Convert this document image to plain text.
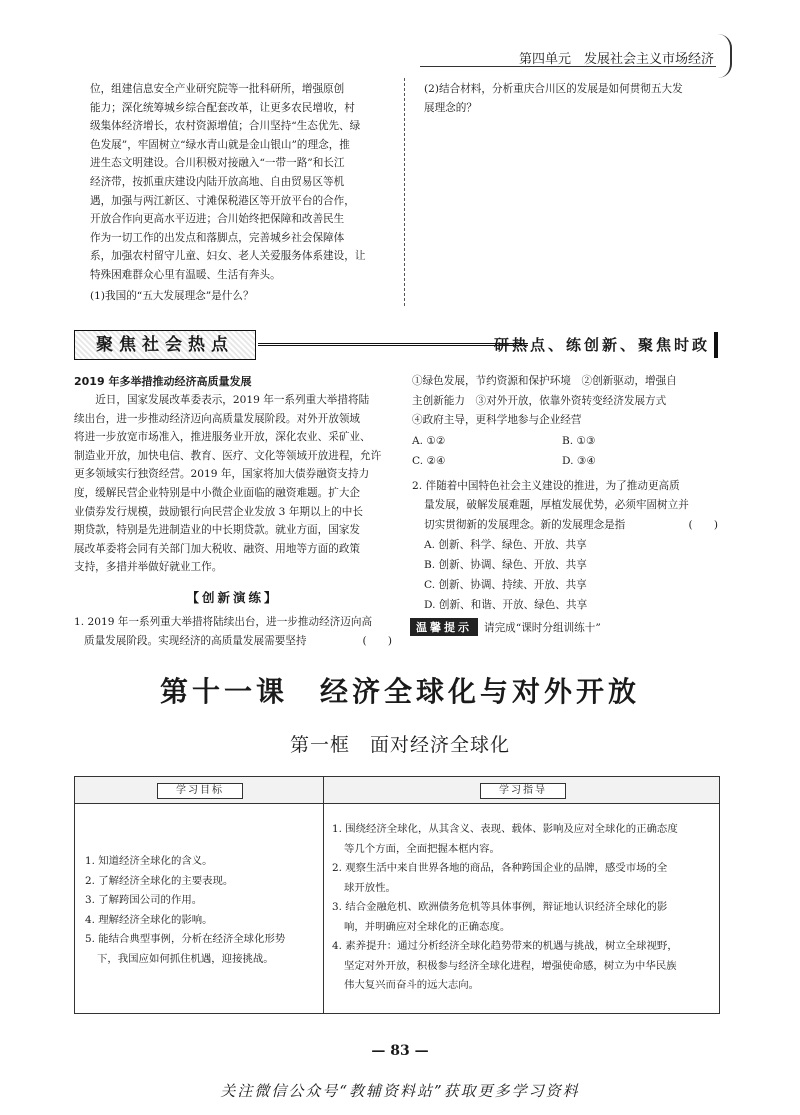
第四单元　发展社会主义市场经济

位，组建信息安全产业研究院等一批科研所，增强原创

能力；深化统筹城乡综合配套改革，让更多农民增收，村

级集体经济增长，农村资源增值；合川坚持“生态优先、绿

色发展”，牢固树立“绿水青山就是金山银山”的理念，推

进生态文明建设。合川积极对接融入“一带一路”和长江

经济带，按抓重庆建设内陆开放高地、自由贸易区等机

遇，加强与两江新区、寸滩保税港区等开放平台的合作，

开放合作向更高水平迈进；合川始终把保障和改善民生

作为一切工作的出发点和落脚点，完善城乡社会保障体

系，加强农村留守儿童、妇女、老人关爱服务体系建设，让

特殊困难群众心里有温暖、生活有奔头。

(1)我国的“五大发展理念”是什么？

(2)结合材料，分析重庆合川区的发展是如何贯彻五大发

展理念的？

聚焦社会热点	研热点、练创新、聚焦时政
2019 年多举措推动经济高质量发展

近日，国家发展改革委表示，2019 年一系列重大举措将陆

续出台，进一步推动经济迈向高质量发展阶段。对外开放领域

将进一步放宽市场准入，推进服务业开放，深化农业、采矿业、

制造业开放，加快电信、教育、医疗、文化等领域开放进程，允许

更多领域实行独资经营。2019 年，国家将加大债券融资支持力

度，缓解民营企业特别是中小微企业面临的融资难题。扩大企

业债券发行规模，鼓励银行向民营企业发放 3 年期以上的中长

期贷款，特别是先进制造业的中长期贷款。就业方面，国家发

展改革委将会同有关部门加大税收、融资、用地等方面的政策

支持，多措并举做好就业工作。

【创新演练】

1. 2019 年一系列重大举措将陆续出台，进一步推动经济迈向高

质量发展阶段。实现经济的高质量发展需要坚持	(　　)

①绿色发展，节约资源和保护环境　②创新驱动，增强自

主创新能力　③对外开放，依靠外资转变经济发展方式

④政府主导，更科学地参与企业经营

A. ①②	B. ①③
C. ②④	D. ③④

2. 伴随着中国特色社会主义建设的推进，为了推动更高质

量发展，破解发展难题，厚植发展优势，必须牢固树立并

切实贯彻新的发展理念。新的发展理念是指	(　　)

A. 创新、科学、绿色、开放、共享
B. 创新、协调、绿色、开放、共享
C. 创新、协调、持续、开放、共享
D. 创新、和谐、开放、绿色、共享
温馨提示	请完成“课时分组训练十”
第十一课　经济全球化与对外开放
第一框　面对经济全球化
学习目标	学习指导

1. 知道经济全球化的含义。

2. 了解经济全球化的主要表现。

3. 了解跨国公司的作用。

4. 理解经济全球化的影响。

5. 能结合典型事例，分析在经济全球化形势

下，我国应如何抓住机遇，迎接挑战。

1. 围绕经济全球化，从其含义、表现、载体、影响及应对全球化的正确态度

等几个方面，全面把握本框内容。

2. 观察生活中来自世界各地的商品，各种跨国企业的品牌，感受市场的全

球开放性。

3. 结合金融危机、欧洲债务危机等具体事例，辩证地认识经济全球化的影

响，并明确应对全球化的正确态度。

4. 素养提升：通过分析经济全球化趋势带来的机遇与挑战，树立全球视野，

坚定对外开放，积极参与经济全球化进程，增强使命感，树立为中华民族

伟大复兴而奋斗的远大志向。

— 83 —
关注微信公众号“教辅资料站”获取更多学习资料
